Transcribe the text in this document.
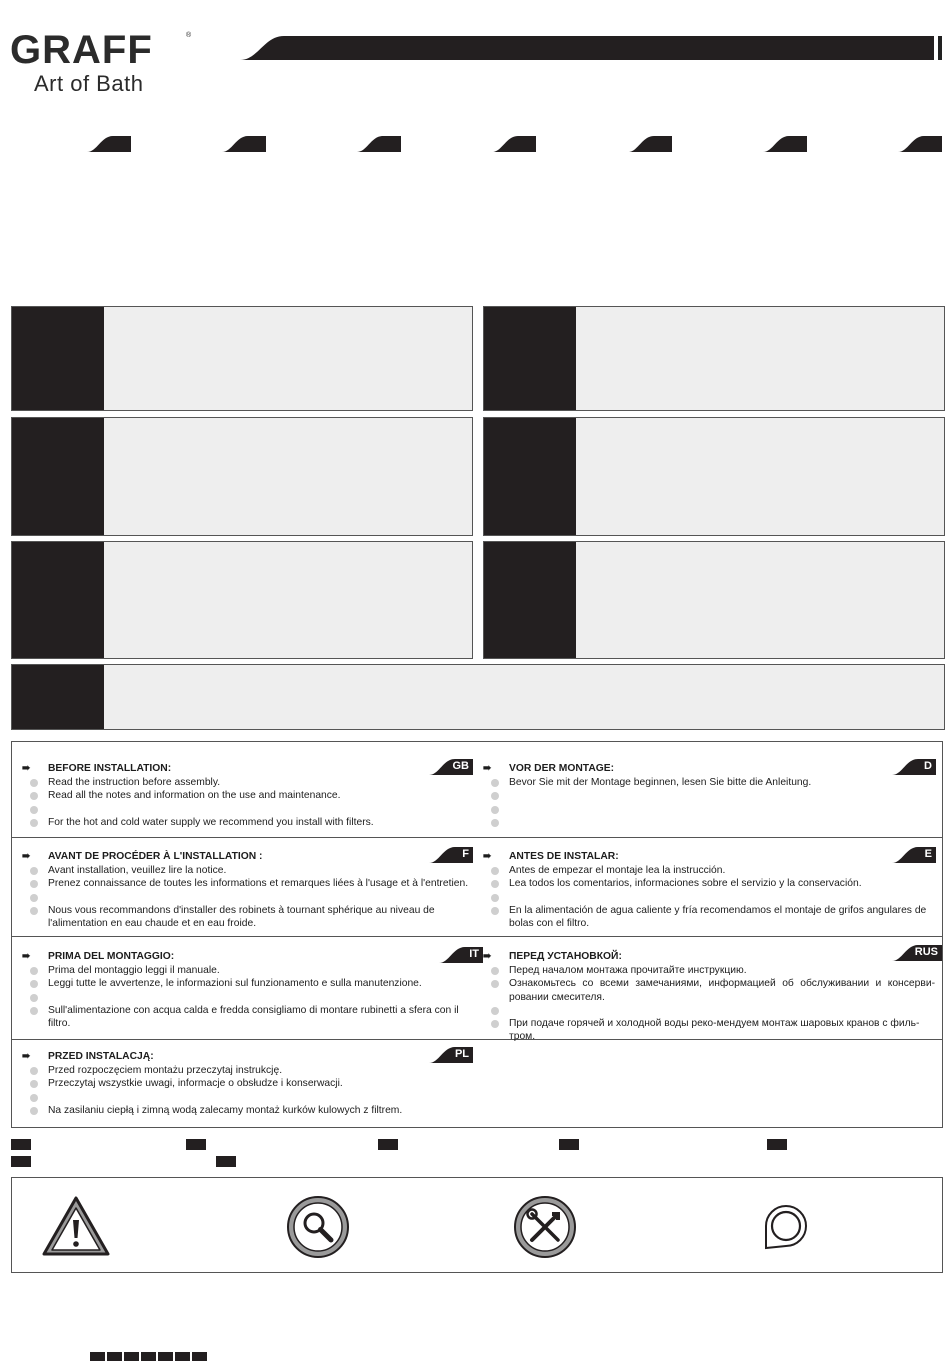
GRAFF	®
Art of Bath
➠ BEFORE INSTALLATION:
Read the instruction before assembly.
Read all the notes and information on the use and maintenance.
For the hot and cold water supply we recommend you install with filters.
GB ➠ VOR DER MONTAGE:
Bevor Sie mit der Montage beginnen, lesen Sie bitte die Anleitung.
D
➠ AVANT DE PROCÉDER À L'INSTALLATION :
Avant installation, veuillez lire la notice.
Prenez connaissance de toutes les informations et remarques liées à l'usage et à l'entretien.
Nous vous recommandons d'installer des robinets à tournant sphérique au niveau de l'alimentation en eau chaude et en eau froide.
F ➠ ANTES DE INSTALAR:
Antes de empezar el montaje lea la instrucción.
Lea todos los comentarios, informaciones sobre el servizio y la conservación.
En la alimentación de agua caliente y fría recomendamos el montaje de grifos angulares de bolas con el filtro.
E
➠ PRIMA DEL MONTAGGIO:
Prima del montaggio leggi il manuale.
Leggi tutte le avvertenze, le informazioni sul funzionamento e sulla manutenzione.
Sull'alimentazione con acqua calda e fredda consigliamo di montare rubinetti a sfera con il filtro.
IT ➠ ПЕРЕД УСТАНОВКОЙ:
Перед началом монтажа прочитайте инструкцию.
Ознакомьтесь со всеми замечаниями, информацией об обслуживании и консерви-ровании смесителя.
При подаче горячей и холодной воды реко-мендуем монтаж шаровых кранов с филь-тром.
RUS
➠ PRZED INSTALACJĄ:
Przed rozpoczęciem montażu przeczytaj instrukcję.
Przeczytaj wszystkie uwagi, informacje o obsłudze i konserwacji.
Na zasilaniu ciepłą i zimną wodą zalecamy montaż kurków kulowych z filtrem.
PL
